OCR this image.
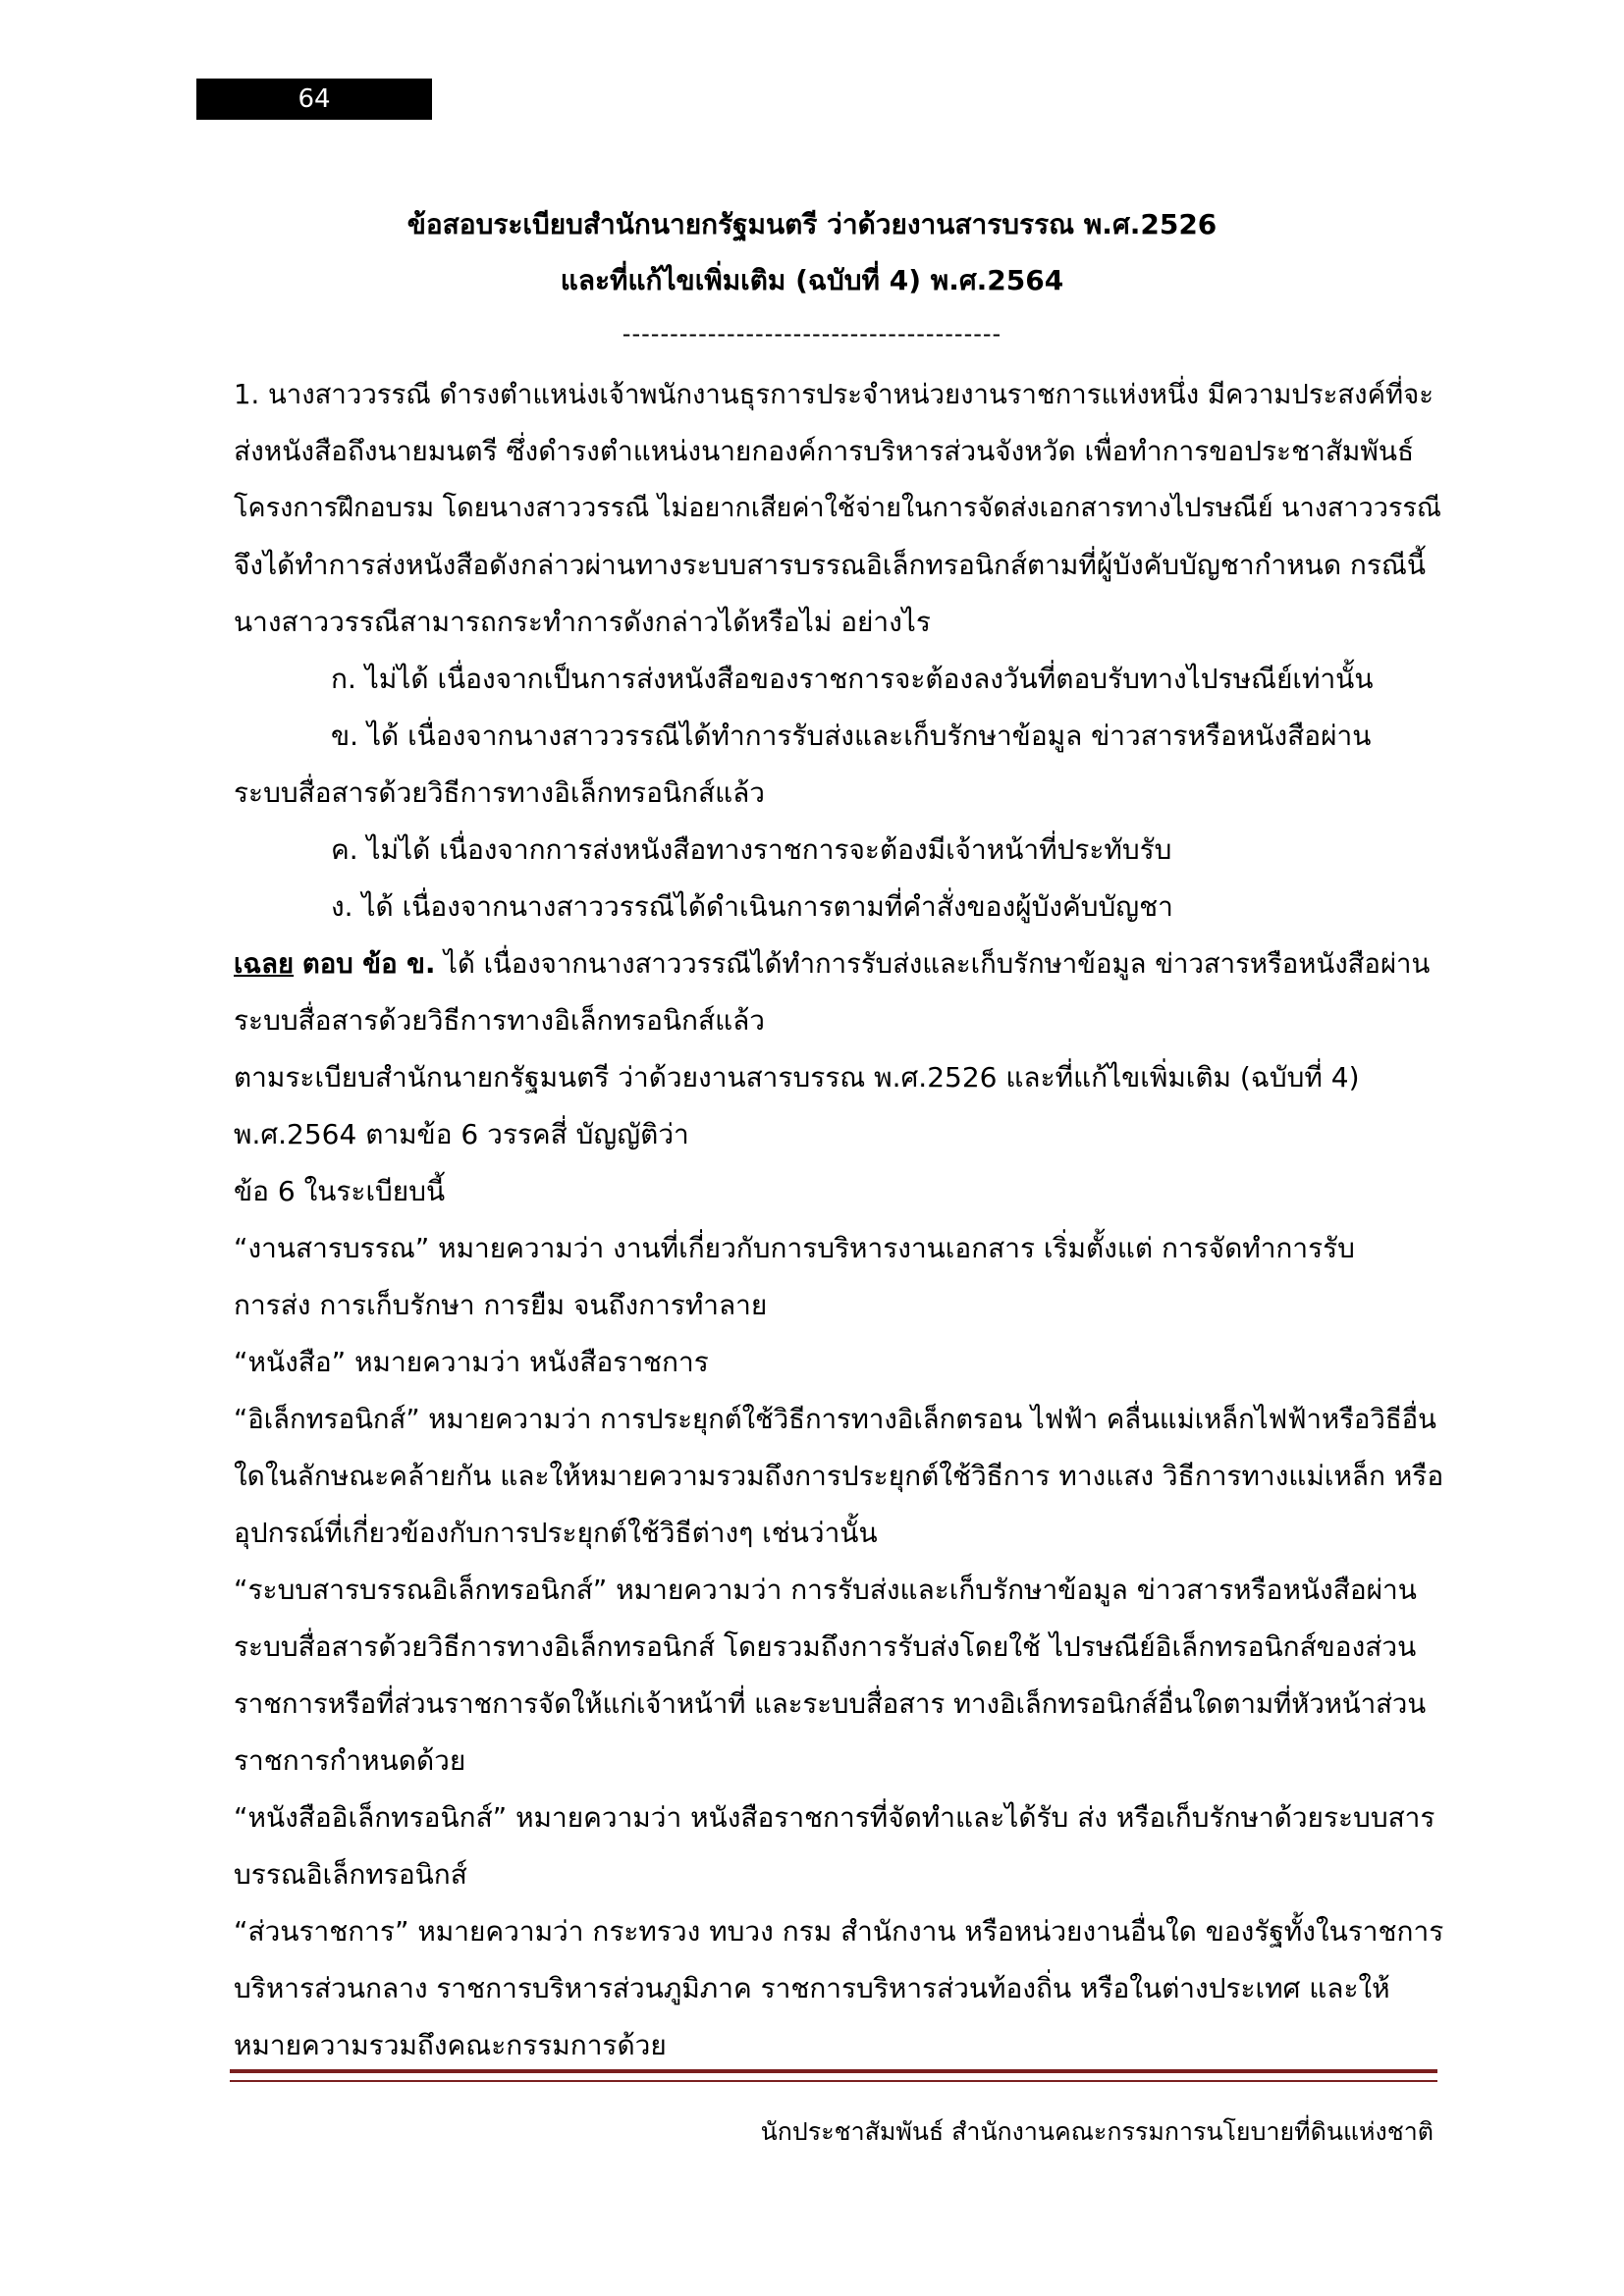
64
ข้อสอบระเบียบสำนักนายกรัฐมนตรี ว่าด้วยงานสารบรรณ พ.ศ.2526
และที่แก้ไขเพิ่มเติม (ฉบับที่ 4) พ.ศ.2564
----------------------------------------
1. นางสาววรรณี ดำรงตำแหน่งเจ้าพนักงานธุรการประจำหน่วยงานราชการแห่งหนึ่ง มีความประสงค์ที่จะ
ส่งหนังสือถึงนายมนตรี ซึ่งดำรงตำแหน่งนายกองค์การบริหารส่วนจังหวัด เพื่อทำการขอประชาสัมพันธ์
โครงการฝึกอบรม โดยนางสาววรรณี ไม่อยากเสียค่าใช้จ่ายในการจัดส่งเอกสารทางไปรษณีย์ นางสาววรรณี
จึงได้ทำการส่งหนังสือดังกล่าวผ่านทางระบบสารบรรณอิเล็กทรอนิกส์ตามที่ผู้บังคับบัญชากำหนด กรณีนี้
นางสาววรรณีสามารถกระทำการดังกล่าวได้หรือไม่ อย่างไร
ก. ไม่ได้ เนื่องจากเป็นการส่งหนังสือของราชการจะต้องลงวันที่ตอบรับทางไปรษณีย์เท่านั้น
ข. ได้ เนื่องจากนางสาววรรณีได้ทำการรับส่งและเก็บรักษาข้อมูล ข่าวสารหรือหนังสือผ่าน
ระบบสื่อสารด้วยวิธีการทางอิเล็กทรอนิกส์แล้ว
ค. ไม่ได้ เนื่องจากการส่งหนังสือทางราชการจะต้องมีเจ้าหน้าที่ประทับรับ
ง. ได้ เนื่องจากนางสาววรรณีได้ดำเนินการตามที่คำสั่งของผู้บังคับบัญชา
เฉลย ตอบ ข้อ ข. ได้ เนื่องจากนางสาววรรณีได้ทำการรับส่งและเก็บรักษาข้อมูล ข่าวสารหรือหนังสือผ่าน
ระบบสื่อสารด้วยวิธีการทางอิเล็กทรอนิกส์แล้ว
ตามระเบียบสำนักนายกรัฐมนตรี ว่าด้วยงานสารบรรณ พ.ศ.2526 และที่แก้ไขเพิ่มเติม (ฉบับที่ 4)
พ.ศ.2564 ตามข้อ 6 วรรคสี่ บัญญัติว่า
ข้อ 6 ในระเบียบนี้
“งานสารบรรณ” หมายความว่า งานที่เกี่ยวกับการบริหารงานเอกสาร เริ่มตั้งแต่ การจัดทำการรับ
การส่ง การเก็บรักษา การยืม จนถึงการทำลาย
“หนังสือ” หมายความว่า หนังสือราชการ
“อิเล็กทรอนิกส์” หมายความว่า การประยุกต์ใช้วิธีการทางอิเล็กตรอน ไฟฟ้า คลื่นแม่เหล็กไฟฟ้าหรือวิธีอื่น
ใดในลักษณะคล้ายกัน และให้หมายความรวมถึงการประยุกต์ใช้วิธีการ ทางแสง วิธีการทางแม่เหล็ก หรือ
อุปกรณ์ที่เกี่ยวข้องกับการประยุกต์ใช้วิธีต่างๆ เช่นว่านั้น
“ระบบสารบรรณอิเล็กทรอนิกส์” หมายความว่า การรับส่งและเก็บรักษาข้อมูล ข่าวสารหรือหนังสือผ่าน
ระบบสื่อสารด้วยวิธีการทางอิเล็กทรอนิกส์ โดยรวมถึงการรับส่งโดยใช้ ไปรษณีย์อิเล็กทรอนิกส์ของส่วน
ราชการหรือที่ส่วนราชการจัดให้แก่เจ้าหน้าที่ และระบบสื่อสาร ทางอิเล็กทรอนิกส์อื่นใดตามที่หัวหน้าส่วน
ราชการกำหนดด้วย
“หนังสืออิเล็กทรอนิกส์” หมายความว่า หนังสือราชการที่จัดทำและได้รับ ส่ง หรือเก็บรักษาด้วยระบบสาร
บรรณอิเล็กทรอนิกส์
“ส่วนราชการ” หมายความว่า กระทรวง ทบวง กรม สำนักงาน หรือหน่วยงานอื่นใด ของรัฐทั้งในราชการ
บริหารส่วนกลาง ราชการบริหารส่วนภูมิภาค ราชการบริหารส่วนท้องถิ่น หรือในต่างประเทศ และให้
หมายความรวมถึงคณะกรรมการด้วย
นักประชาสัมพันธ์ สำนักงานคณะกรรมการนโยบายที่ดินแห่งชาติ
